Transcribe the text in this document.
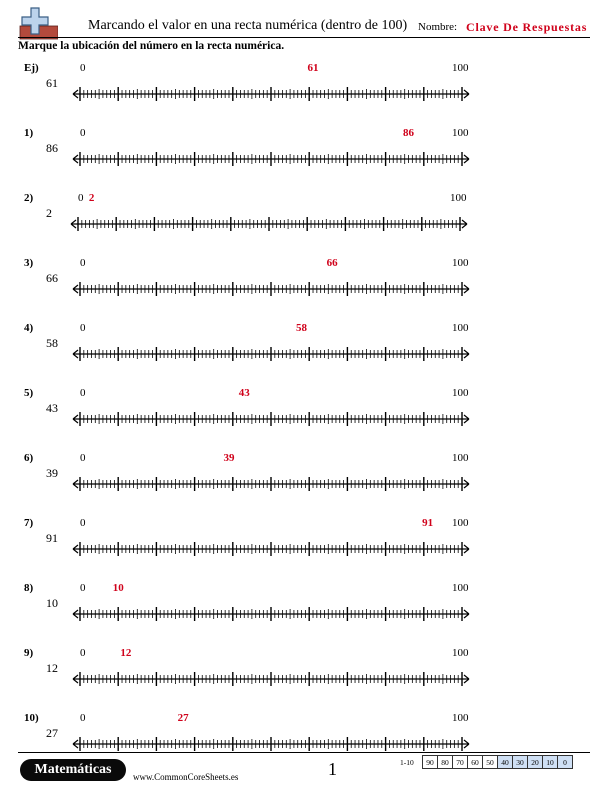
Marcando el valor en una recta numérica (dentro de 100) Nombre: Clave De Respuestas
Marque la ubicación del número en la recta numérica.
Ej)
61
0	100
61
1)
86
0	100
86
2)
2
0	100
2
3)
66
0	100
66
4)
58
0	100
58
5)
43
0	100
43
6)
39
0	100
39
7)
91
0	100
91
8)
10
0	100
10
9)
12
0	100
12
10)
27
0	100
27
Matemáticas	www.CommonCoreSheets.es	1	1-10 90	80	70	60	50	40	30	20	10	0
